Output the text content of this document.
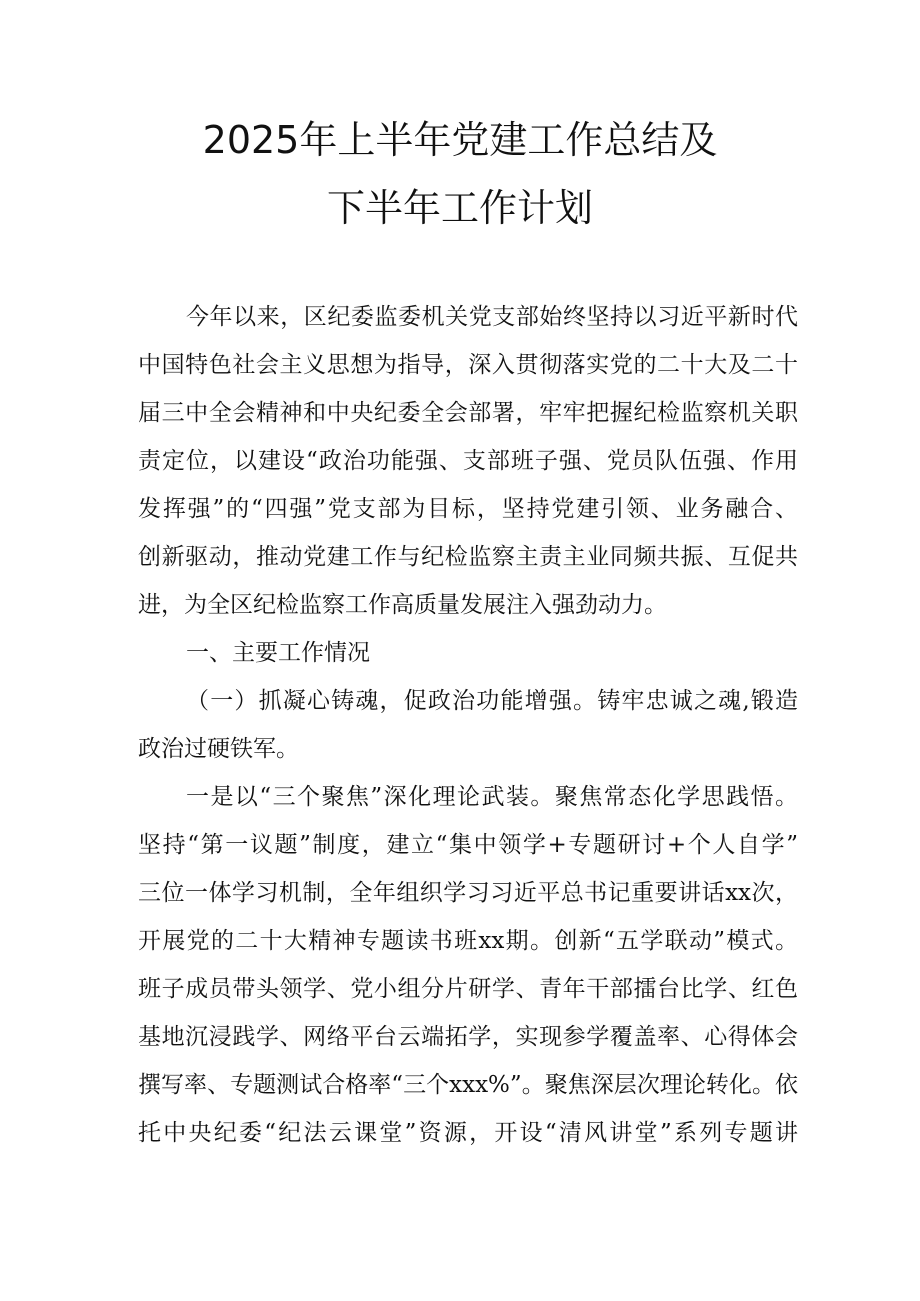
2025年上半年党建工作总结及
下半年工作计划
今年以来，区纪委监委机关党支部始终坚持以习近平新时代
中国特色社会主义思想为指导，深入贯彻落实党的二十大及二十
届三中全会精神和中央纪委全会部署，牢牢把握纪检监察机关职
责定位，以建设“政治功能强、支部班子强、党员队伍强、作用
发挥强”的“四强”党支部为目标，坚持党建引领、业务融合、
创新驱动，推动党建工作与纪检监察主责主业同频共振、互促共
进，为全区纪检监察工作高质量发展注入强劲动力。
一、主要工作情况
（一）抓凝心铸魂，促政治功能增强。铸牢忠诚之魂,锻造
政治过硬铁军。
一是以“三个聚焦”深化理论武装。聚焦常态化学思践悟。
坚持“第一议题”制度，建立“集中领学+专题研讨+个人自学”
三位一体学习机制，全年组织学习习近平总书记重要讲话xx次，
开展党的二十大精神专题读书班xx期。创新“五学联动”模式。
班子成员带头领学、党小组分片研学、青年干部擂台比学、红色
基地沉浸践学、网络平台云端拓学，实现参学覆盖率、心得体会
撰写率、专题测试合格率“三个xxx%”。聚焦深层次理论转化。依
托中央纪委“纪法云课堂”资源，开设“清风讲堂”系列专题讲
